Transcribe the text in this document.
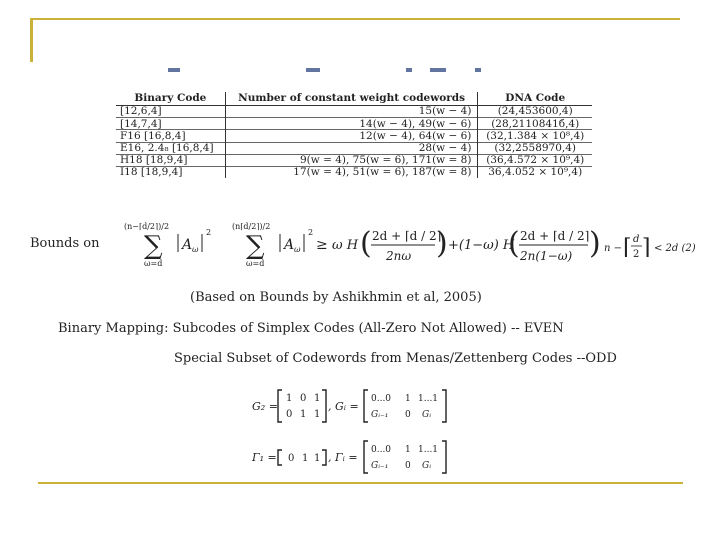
Binary Code	Number of constant weight codewords	DNA Code
[12,6,4]	15(w − 4)	(24,453600,4)
[14,7,4]	14(w − 4), 49(w − 6)	(28,2110841б,4)
F16 [16,8,4]	12(w − 4), 64(w − 6)	(32,1.384 × 10⁸,4)
E16, 2.4₈ [16,8,4]	28(w − 4)	(32,2558970,4)
H18 [18,9,4]	9(w = 4), 75(w = 6), 171(w = 8)	(36,4.572 × 10⁹,4)
I18 [18,9,4]	17(w = 4), 51(w = 6), 187(w = 8)	36,4.052 × 10⁹,4)
Bounds on
(n−⌈d/2⌉)/2
∑
ω=d
A ω
2
(n⌈d/2⌉)/2
∑
ω=d
A ω
2
≥ ω H ( 2d + ⌈d / 2⌉
2nω ) +(1−ω) H
( 2d + ⌈d / 2⌉
2n(1−ω) ) n − ⌈ d
2 ⌉ < 2d (2)
(Based on Bounds by Ashikhmin et al, 2005)
Binary Mapping: Subcodes of Simplex Codes (All-Zero Not Allowed) -- EVEN
Special Subset of Codewords from Menas/Zettenberg Codes --ODD
G₂ =
1 0 1
0 1 1
, Gᵢ =
0...0 1 1...1
Gᵢ₋₁ 0 Gᵢ
Γ₁ = 0 1 1 , Γᵢ =
0...0 1 1...1
Gᵢ₋₁ 0 Gᵢ
